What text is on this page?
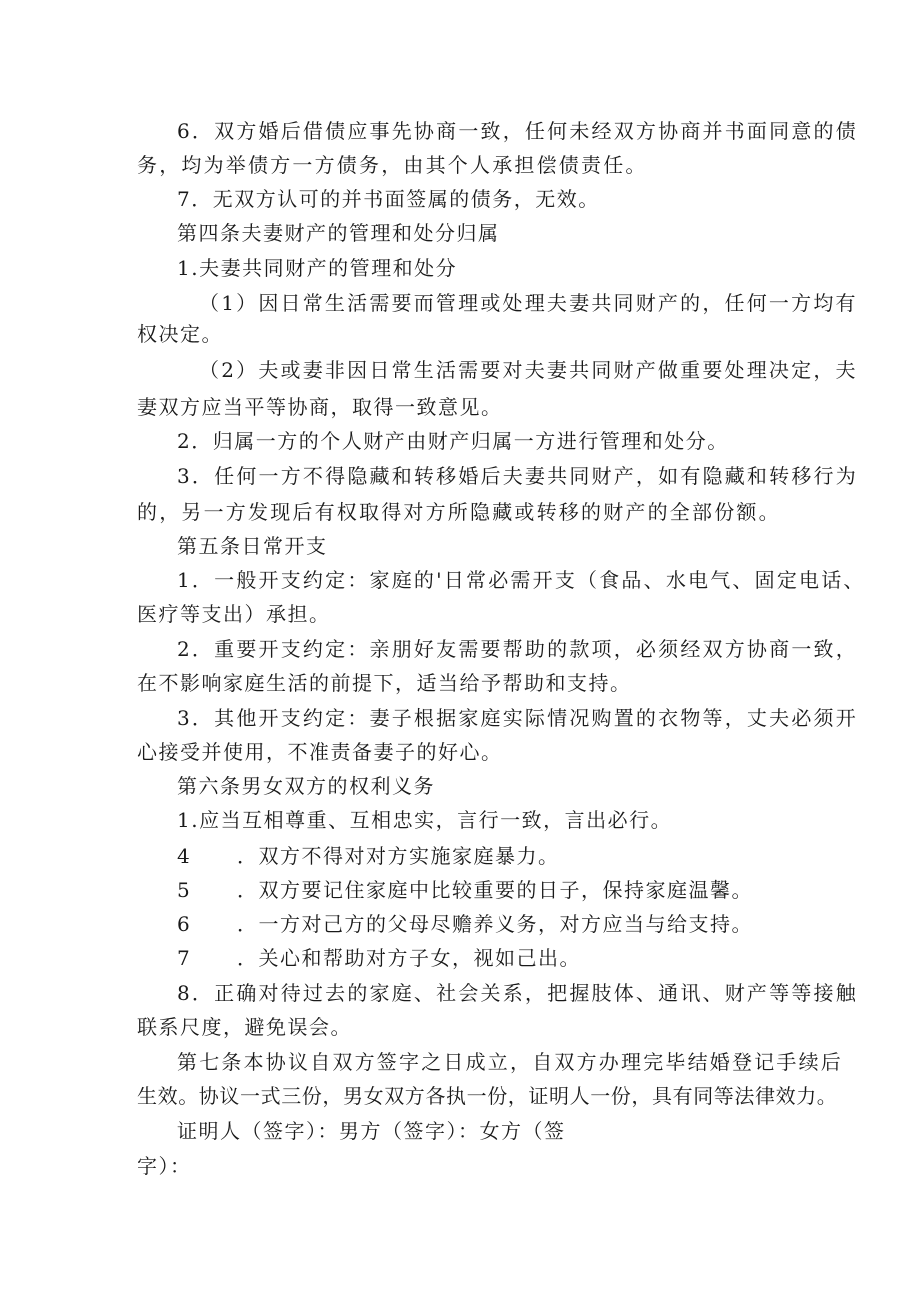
6．双方婚后借债应事先协商一致，任何未经双方协商并书面同意的债
务，均为举债方一方债务，由其个人承担偿债责任。
7．无双方认可的并书面签属的债务，无效。
第四条夫妻财产的管理和处分归属
1.夫妻共同财产的管理和处分
（1）因日常生活需要而管理或处理夫妻共同财产的，任何一方均有
权决定。
（2）夫或妻非因日常生活需要对夫妻共同财产做重要处理决定，夫
妻双方应当平等协商，取得一致意见。
2．归属一方的个人财产由财产归属一方进行管理和处分。
3．任何一方不得隐藏和转移婚后夫妻共同财产，如有隐藏和转移行为
的，另一方发现后有权取得对方所隐藏或转移的财产的全部份额。
第五条日常开支
1．一般开支约定：家庭的'日常必需开支（食品、水电气、固定电话、
医疗等支出）承担。
2．重要开支约定：亲朋好友需要帮助的款项，必须经双方协商一致，
在不影响家庭生活的前提下，适当给予帮助和支持。
3．其他开支约定：妻子根据家庭实际情况购置的衣物等，丈夫必须开
心接受并使用，不准责备妻子的好心。
第六条男女双方的权利义务
1.应当互相尊重、互相忠实，言行一致，言出必行。
4 ．双方不得对对方实施家庭暴力。
5 ．双方要记住家庭中比较重要的日子，保持家庭温馨。
6 ．一方对己方的父母尽赡养义务，对方应当与给支持。
7 ．关心和帮助对方子女，视如己出。
8．正确对待过去的家庭、社会关系，把握肢体、通讯、财产等等接触
联系尺度，避免误会。
第七条本协议自双方签字之日成立，自双方办理完毕结婚登记手续后
生效。协议一式三份，男女双方各执一份，证明人一份，具有同等法律效力。
证明人（签字）：男方（签字）：女方（签
字）：
